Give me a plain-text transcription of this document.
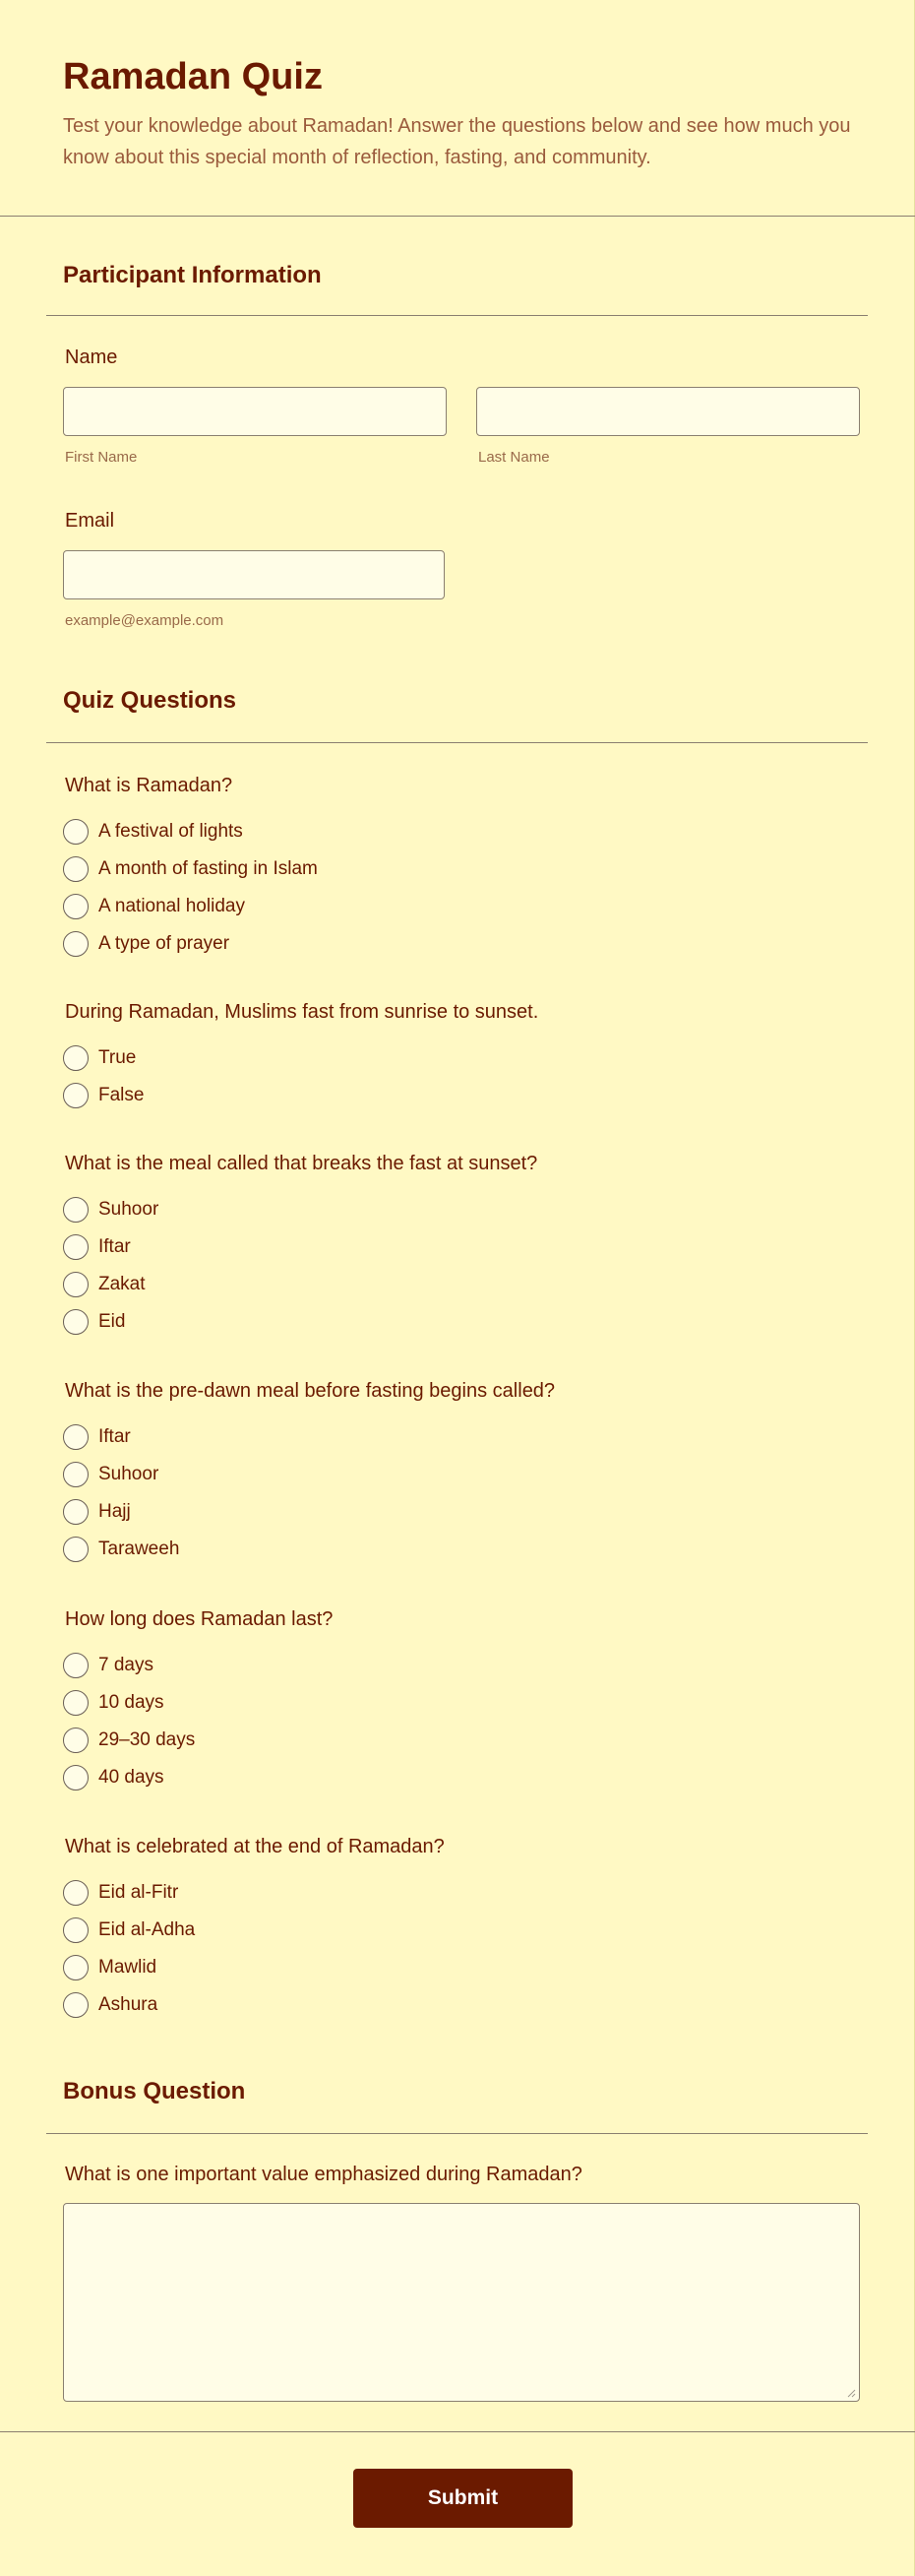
Ramadan Quiz
Test your knowledge about Ramadan! Answer the questions below and see how much you know about this special month of reflection, fasting, and community.
Participant Information
Name
First Name	Last Name
Email
example@example.com
Quiz Questions
What is Ramadan?
A festival of lights
A month of fasting in Islam
A national holiday
A type of prayer
During Ramadan, Muslims fast from sunrise to sunset.
True
False
What is the meal called that breaks the fast at sunset?
Suhoor
Iftar
Zakat
Eid
What is the pre-dawn meal before fasting begins called?
Iftar
Suhoor
Hajj
Taraweeh
How long does Ramadan last?
7 days
10 days
29–30 days
40 days
What is celebrated at the end of Ramadan?
Eid al-Fitr
Eid al-Adha
Mawlid
Ashura
Bonus Question
What is one important value emphasized during Ramadan?
Submit
